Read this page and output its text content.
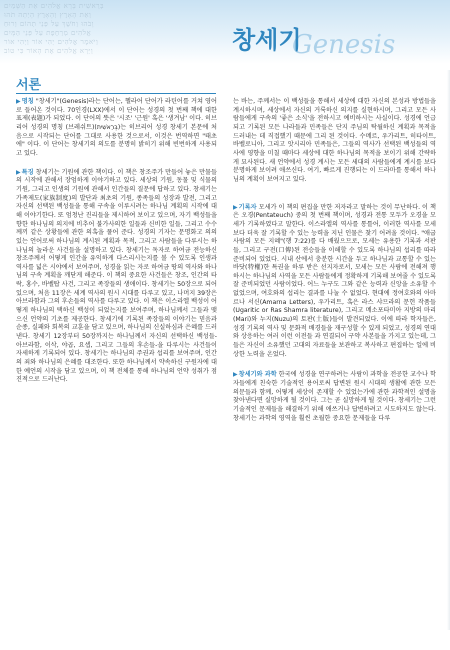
בְּרֵאשִׁית בָּרָא אֱלֹהִים אֵת הַשָּׁמַיִם
וְאֵת הָאָרֶץ וְהָאָרֶץ הָיְתָה תֹהוּ
וָבֹהוּ וְחֹשֶׁךְ עַל פְּנֵי תְהוֹם וְרוּחַ
אֱלֹהִים מְרַחֶפֶת עַל פְּנֵי הַמָּיִם
וַיֹּאמֶר אֱלֹהִים יְהִי אוֹר וַיְהִי אוֹר
וַיַּרְא אֱלֹהִים אֶת הָאוֹר כִּי טוֹב	Genesis
창세기
서론

▶명칭 "창세기"(Genesis)라는 단어는, 헬라어 단어가 라틴어를 거쳐 영어로 들어온 것이다. 70인경(LXX)에서 이 단어는 성경의 첫 번째 책에 대한 표제(表題)가 되었다. 이 단어의 뜻은 '시조' '근원' 혹은 '생겨남' 이다. 히브리어 성경의 명칭 (브레쉬트)(בְּרֵאשִׁית)는 히브리어 성경 창세기 본문에 처음으로 시작되는 단어를 그대로 사용한 것으로서, 이것은 번역하면 "태초에" 이다. 이 단어는 창세기의 의도를 분명히 밝히기 위해 빈번하게 사용되고 있다.

▶특징 창세기는 기원에 관한 책이다. 이 책은 창조주가 만들어 놓은 만물들의 시작에 관해서 장엄하게 이야기하고 있다. 세상의 기원, 동물 및 식물의 기원, 그리고 인생의 기원에 관해서 인간들의 질문에 답하고 있다. 창세기는 가족제도(家族制度)의 발단과 최초의 기원, 종족들의 성장과 발전, 그리고 자신의 선택된 백성들을 통해 구속을 이루시려는 하나님 계획의 시작에 대해 이야기한다. 또 엄청난 진리들을 제시하여 보이고 있으며, 자기 백성들을 향한 하나님의 의지에 비추어 불가사의한 일들과 신비한 일들, 그리고 수수께끼 같은 상황들에 관한 의혹을 풀어 준다. 성경의 기자는 문명화고 의의 있는 언어로써 하나님의 계시된 계획과 목적, 그리고 사람들을 다루시는 하나님의 놀라운 사건들을 설명하고 있다. 창세기는 독자로 하여금 전능하신 창조주께서 어떻게 인간을 유익하게 다스리시는지를 볼 수 있도록 인생과 역사를 넓은 시야에서 보여주며, 성경을 읽는 자로 하여금 땅의 역사와 하나님의 구속 계획을 깨닫게 해준다. 이 책의 중요한 사건들은 창조, 인간의 타락, 홍수, 바벨탑 사건, 그리고 족장들의 생애이다. 창세기는 50장으로 되어 있으며, 처음 11장은 세계 역사의 원시 시대를 다루고 있고, 나머지 39장은 아브라함과 그의 후손들의 역사를 다루고 있다. 이 책은 이스라엘 백성이 어떻게 하나님의 택하신 백성이 되었는지를 보여주며, 하나님께서 그들과 맺으신 언약의 기초를 제공한다. 창세기에 기록된 족장들의 이야기는 믿음과 순종, 실패와 회복의 교훈을 담고 있으며, 하나님의 신실하심과 은혜를 드러낸다. 창세기 12장부터 50장까지는 하나님께서 자신의 선택하신 백성들-아브라함, 이삭, 야곱, 요셉, 그리고 그들의 후손들-을 다루시는 사건들이 자세하게 기록되어 있다. 창세기는 하나님의 주권과 섭리를 보여주며, 인간의 죄와 하나님의 은혜를 대조한다. 또한 하나님께서 약속하신 구원자에 대한 예언의 시작을 담고 있으며, 이 책 전체를 통해 하나님의 언약 성취가 점진적으로 드러난다.

는 바는, 주께서는 이 백성들을 통해서 세상에 대한 자신의 본성과 방법들을 계시하시며, 세상에서 자신의 거룩하신 의지를 실현하시며, 그리고 모든 사람들에게 구속의 '좋은 소식'을 전하시고 예비하시는 사실이다. 성경에 언급되고 기록된 모든 나라들과 민족들은 단지 주님의 탁월하신 계획과 목적을 드러내는 데 직접했기 때문에 그리 된 것이다. 수메르, 우가리트, 히타이트, 바벨로니아, 그리고 앗시리아 민족들은, 그들의 역사가 선택된 백성들의 역사에 영향을 미칠 때마다 세상에 대한 하나님의 목적을 보이기 위해 간략하게 묘사된다. 새 언약에서 성경 계시는 모든 세대의 사람들에게 계시를 보다 분명하게 보이려 애쓰신다. 여기, 빠르게 진행되는 이 드라마를 통해서 하나님의 계획이 보여지고 있다.

▶기록자 모세가 이 책의 편집을 만한 저자라고 말하는 것이 무난하다. 이 책은 오경(Pentateuch) 중의 첫 번째 책이며, 성경과 전통 모두가 오경을 모세가 기록하였다고 말한다. 이스라엘의 역사를 통틀어, 이러한 역사를 모세보다 더욱 잘 기록할 수 있는 능력을 지닌 인물은 찾기 어려울 것이다. "애굽 사람의 모든 지혜"(행 7:22)를 다 배웠으므로, 모세는 유용한 기록과 서판들, 그리고 구전(口傳)된 전승들을 이해할 수 있도록 하나님의 섭리를 따라 준비되어 있었다. 시내 산에서 충분한 시간을 두고 하나님과 교통할 수 있는 바닷(特權)한 특권을 하루 받은 선지자로서, 모세는 모든 사람에 전해져 행하시는 하나님의 사역을 모든 사람들에게 정확하게 기록해 보여줄 수 있도록 잘 준비되었던 사람이었다. 어느 누구도 그와 같은 능력과 신앙을 소유할 수 없었으며, 여호와의 섭리는 결과를 나눌 수 없었다. 현대에 정여호와의 아마르나 서신(Amarna Letters), 우가리트, 혹은 라스 샤므라의 문헌 작품들(Ugaritic or Ras Shamra literature), 그리고 메소포타미아 지방의 마리(Mari)와 누지(Nuzu)의 토판(土版)들이 발견되었다. 이에 따라 학자들은, 성경 기록의 역사 및 문화적 배경들을 재구성할 수 있게 되었고, 성경의 연대와 상응하는 여러 이런 이전들 과 연결되어 구약 사본들을 가지고 있는데, 그들은 자신이 소유했던 고대의 자료들을 보관하고 복사하고 편집하는 일에 비상한 노력을 온었다.

▶창세기와 과학 한국에 성경을 연구하려는 사람이 과학을 전공한 교수나 학자들에게 친숙한 기술적인 용어로써 답변된 원시 시대의 생활에 관한 모든 의문들과 함께, 어떻게 세상이 존재할 수 있었는가에 관한 과학적인 설명을 찾아낸다면 실망하게 될 것이다. 그는 곧 실망하게 될 것이다. 창세기는 그런 기술적인 문제들을 해결하기 위해 애쓰거나 답변하려고 시도하지도 않는다. 창세기는 과학의 영역을 훨씬 초월한 중요한 문제들을 다루
